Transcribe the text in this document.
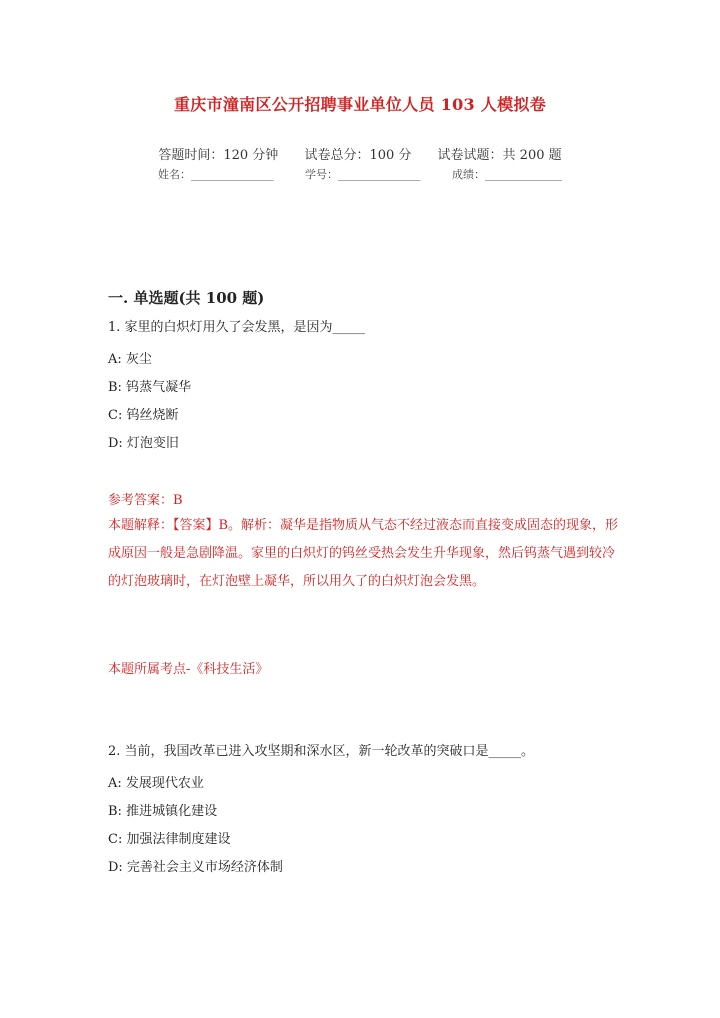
重庆市潼南区公开招聘事业单位人员 103 人模拟卷
答题时间：120 分钟 试卷总分：100 分 试卷试题：共 200 题
姓名：_______________	学号：_______________	成绩：______________
一. 单选题(共 100 题)
1. 家里的白炽灯用久了会发黑，是因为_____
A: 灰尘
B: 钨蒸气凝华
C: 钨丝烧断
D: 灯泡变旧
参考答案：B
本题解释：【答案】B。解析：凝华是指物质从气态不经过液态而直接变成固态的现象，形成原因一般是急剧降温。家里的白炽灯的钨丝受热会发生升华现象，然后钨蒸气遇到较冷的灯泡玻璃时，在灯泡壁上凝华，所以用久了的白炽灯泡会发黑。
本题所属考点-《科技生活》
2. 当前，我国改革已进入攻坚期和深水区，新一轮改革的突破口是_____。
A: 发展现代农业
B: 推进城镇化建设
C: 加强法律制度建设
D: 完善社会主义市场经济体制
